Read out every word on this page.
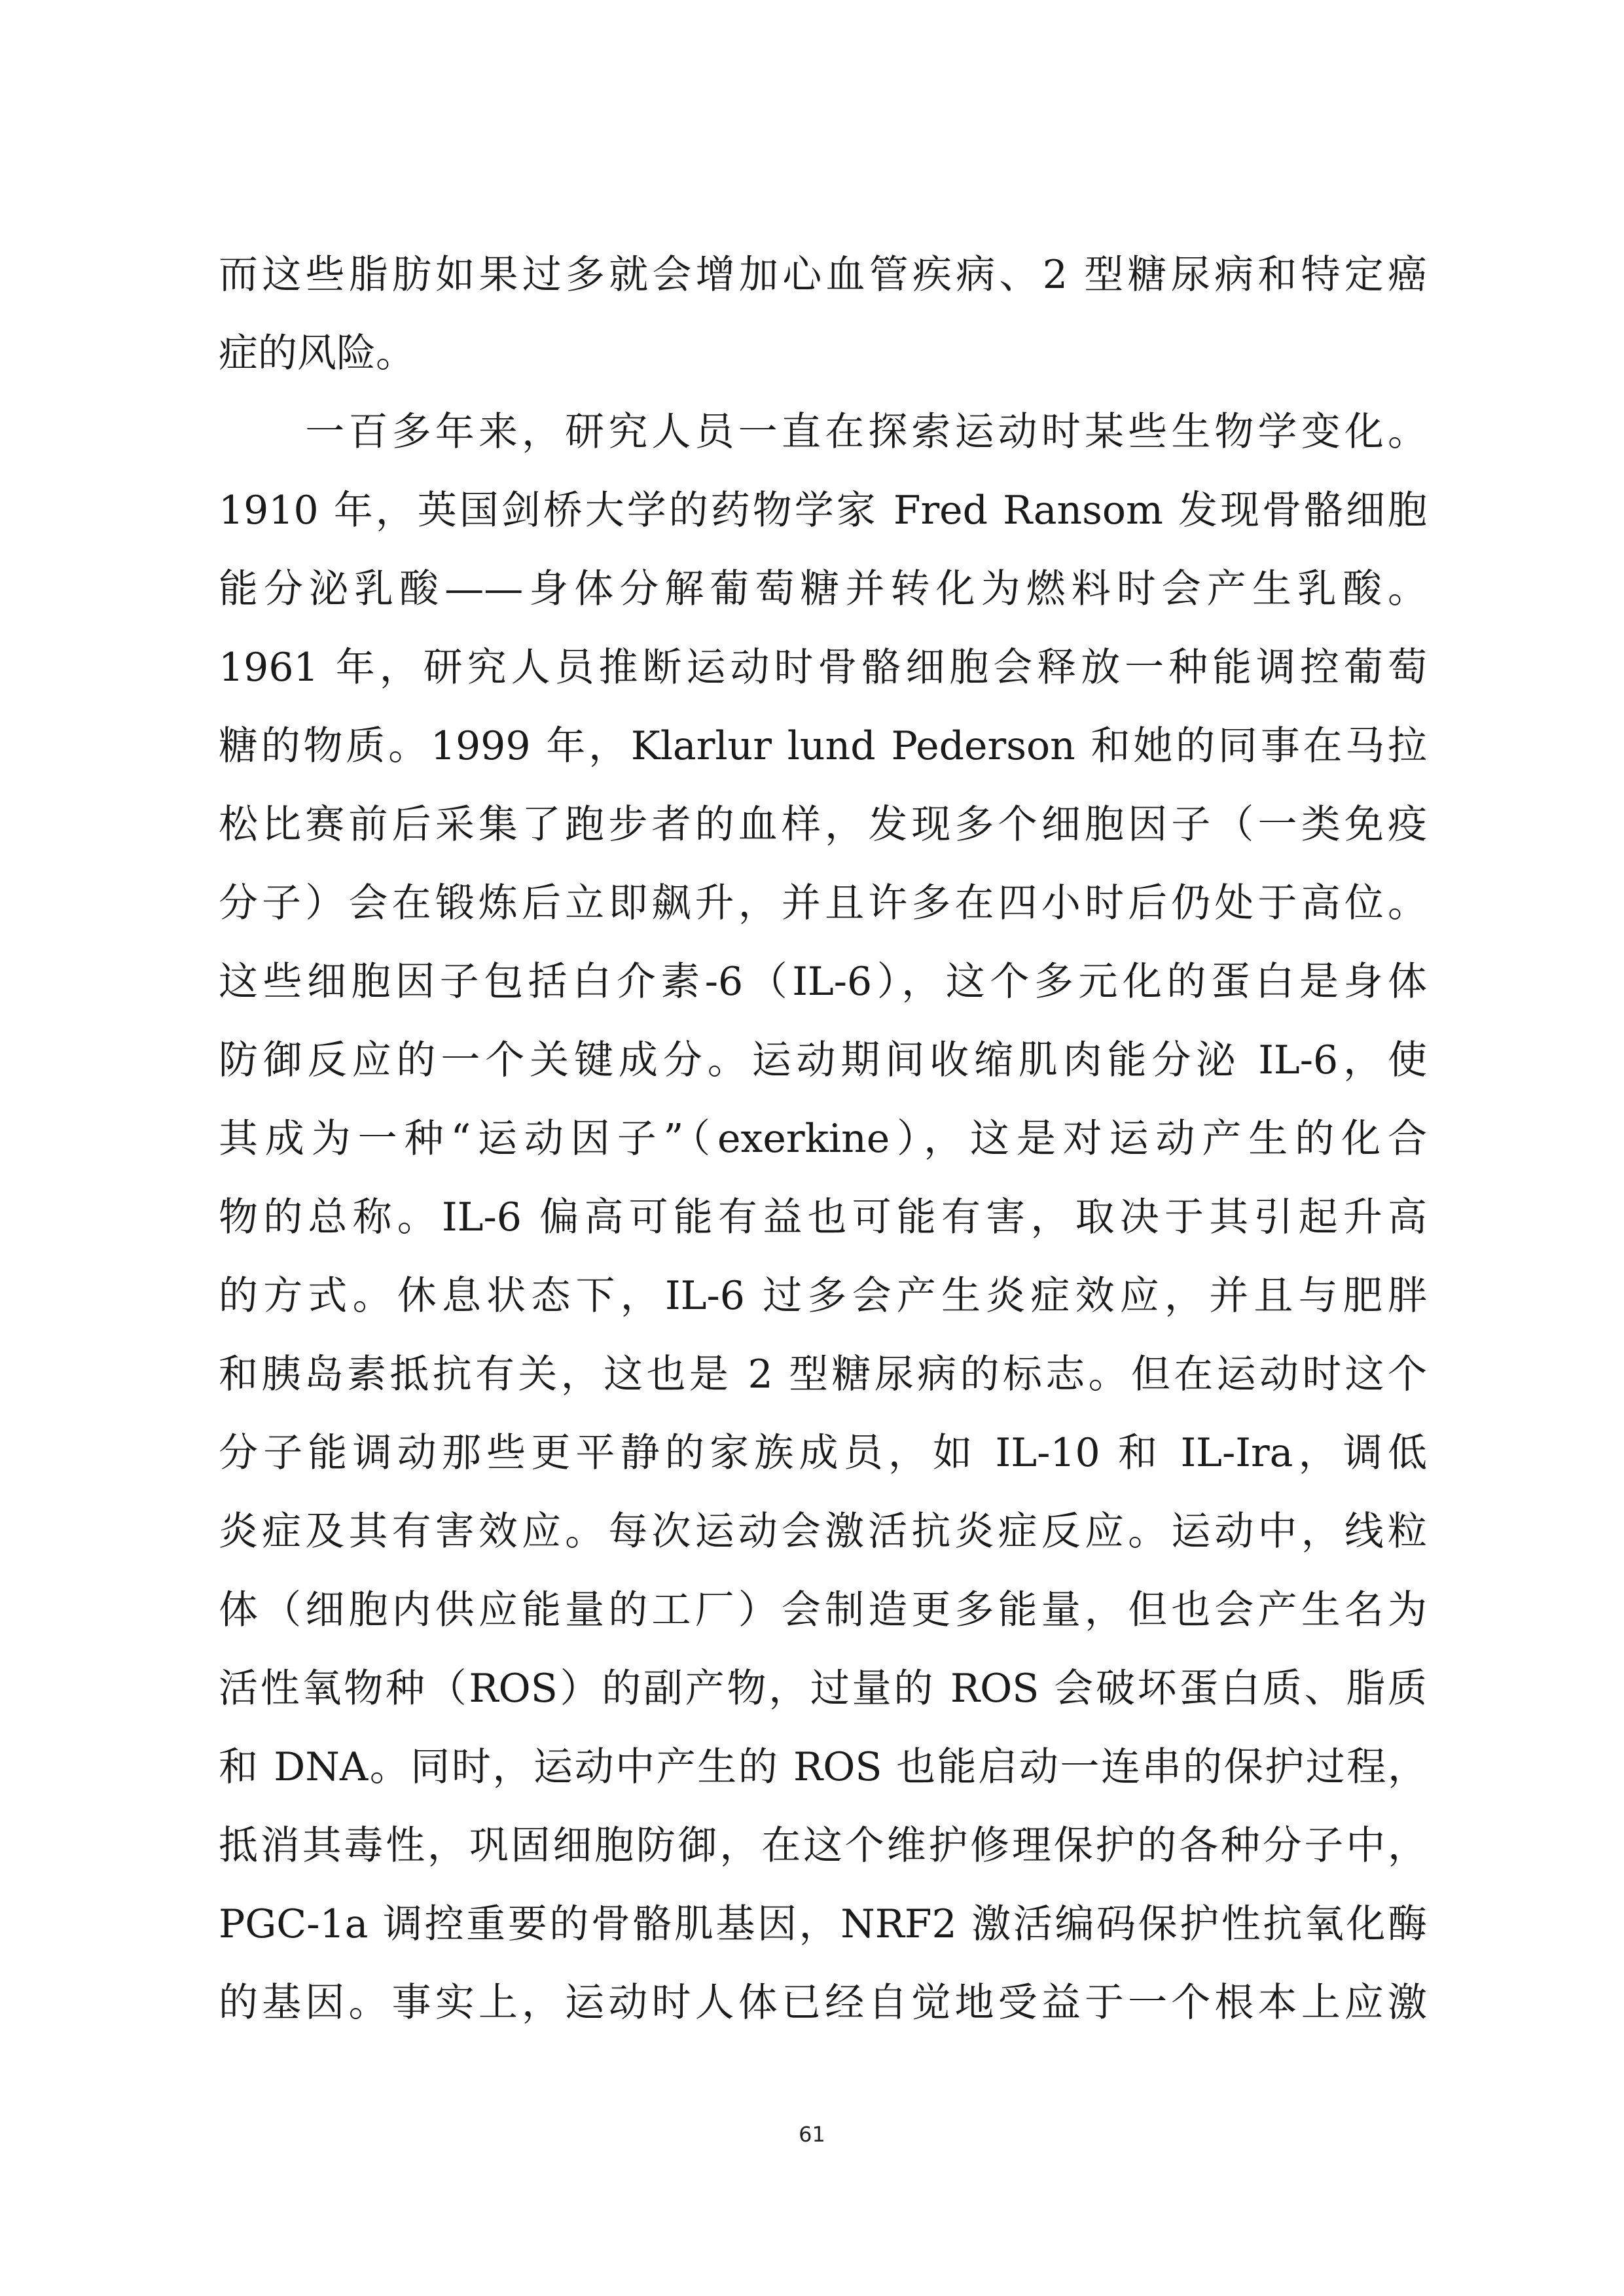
而这些脂肪如果过多就会增加心血管疾病、2 型糖尿病和特定癌
症的风险。
　　一百多年来，研究人员一直在探索运动时某些生物学变化。
1910 年，英国剑桥大学的药物学家 Fred Ransom 发现骨骼细胞
能分泌乳酸——身体分解葡萄糖并转化为燃料时会产生乳酸。
1961 年，研究人员推断运动时骨骼细胞会释放一种能调控葡萄
糖的物质。1999 年，Klarlur lund Pederson 和她的同事在马拉
松比赛前后采集了跑步者的血样，发现多个细胞因子（一类免疫
分子）会在锻炼后立即飙升，并且许多在四小时后仍处于高位。
这些细胞因子包括白介素-6（IL-6），这个多元化的蛋白是身体
防御反应的一个关键成分。运动期间收缩肌肉能分泌 IL-6，使
其成为一种“运动因子”（exerkine），这是对运动产生的化合
物的总称。IL-6 偏高可能有益也可能有害，取决于其引起升高
的方式。休息状态下，IL-6 过多会产生炎症效应，并且与肥胖
和胰岛素抵抗有关，这也是 2 型糖尿病的标志。但在运动时这个
分子能调动那些更平静的家族成员，如 IL-10 和 IL-Ira，调低
炎症及其有害效应。每次运动会激活抗炎症反应。运动中，线粒
体（细胞内供应能量的工厂）会制造更多能量，但也会产生名为
活性氧物种（ROS）的副产物，过量的 ROS 会破坏蛋白质、脂质
和 DNA。同时，运动中产生的 ROS 也能启动一连串的保护过程，
抵消其毒性，巩固细胞防御，在这个维护修理保护的各种分子中，
PGC-1a 调控重要的骨骼肌基因，NRF2 激活编码保护性抗氧化酶
的基因。事实上，运动时人体已经自觉地受益于一个根本上应激
61
